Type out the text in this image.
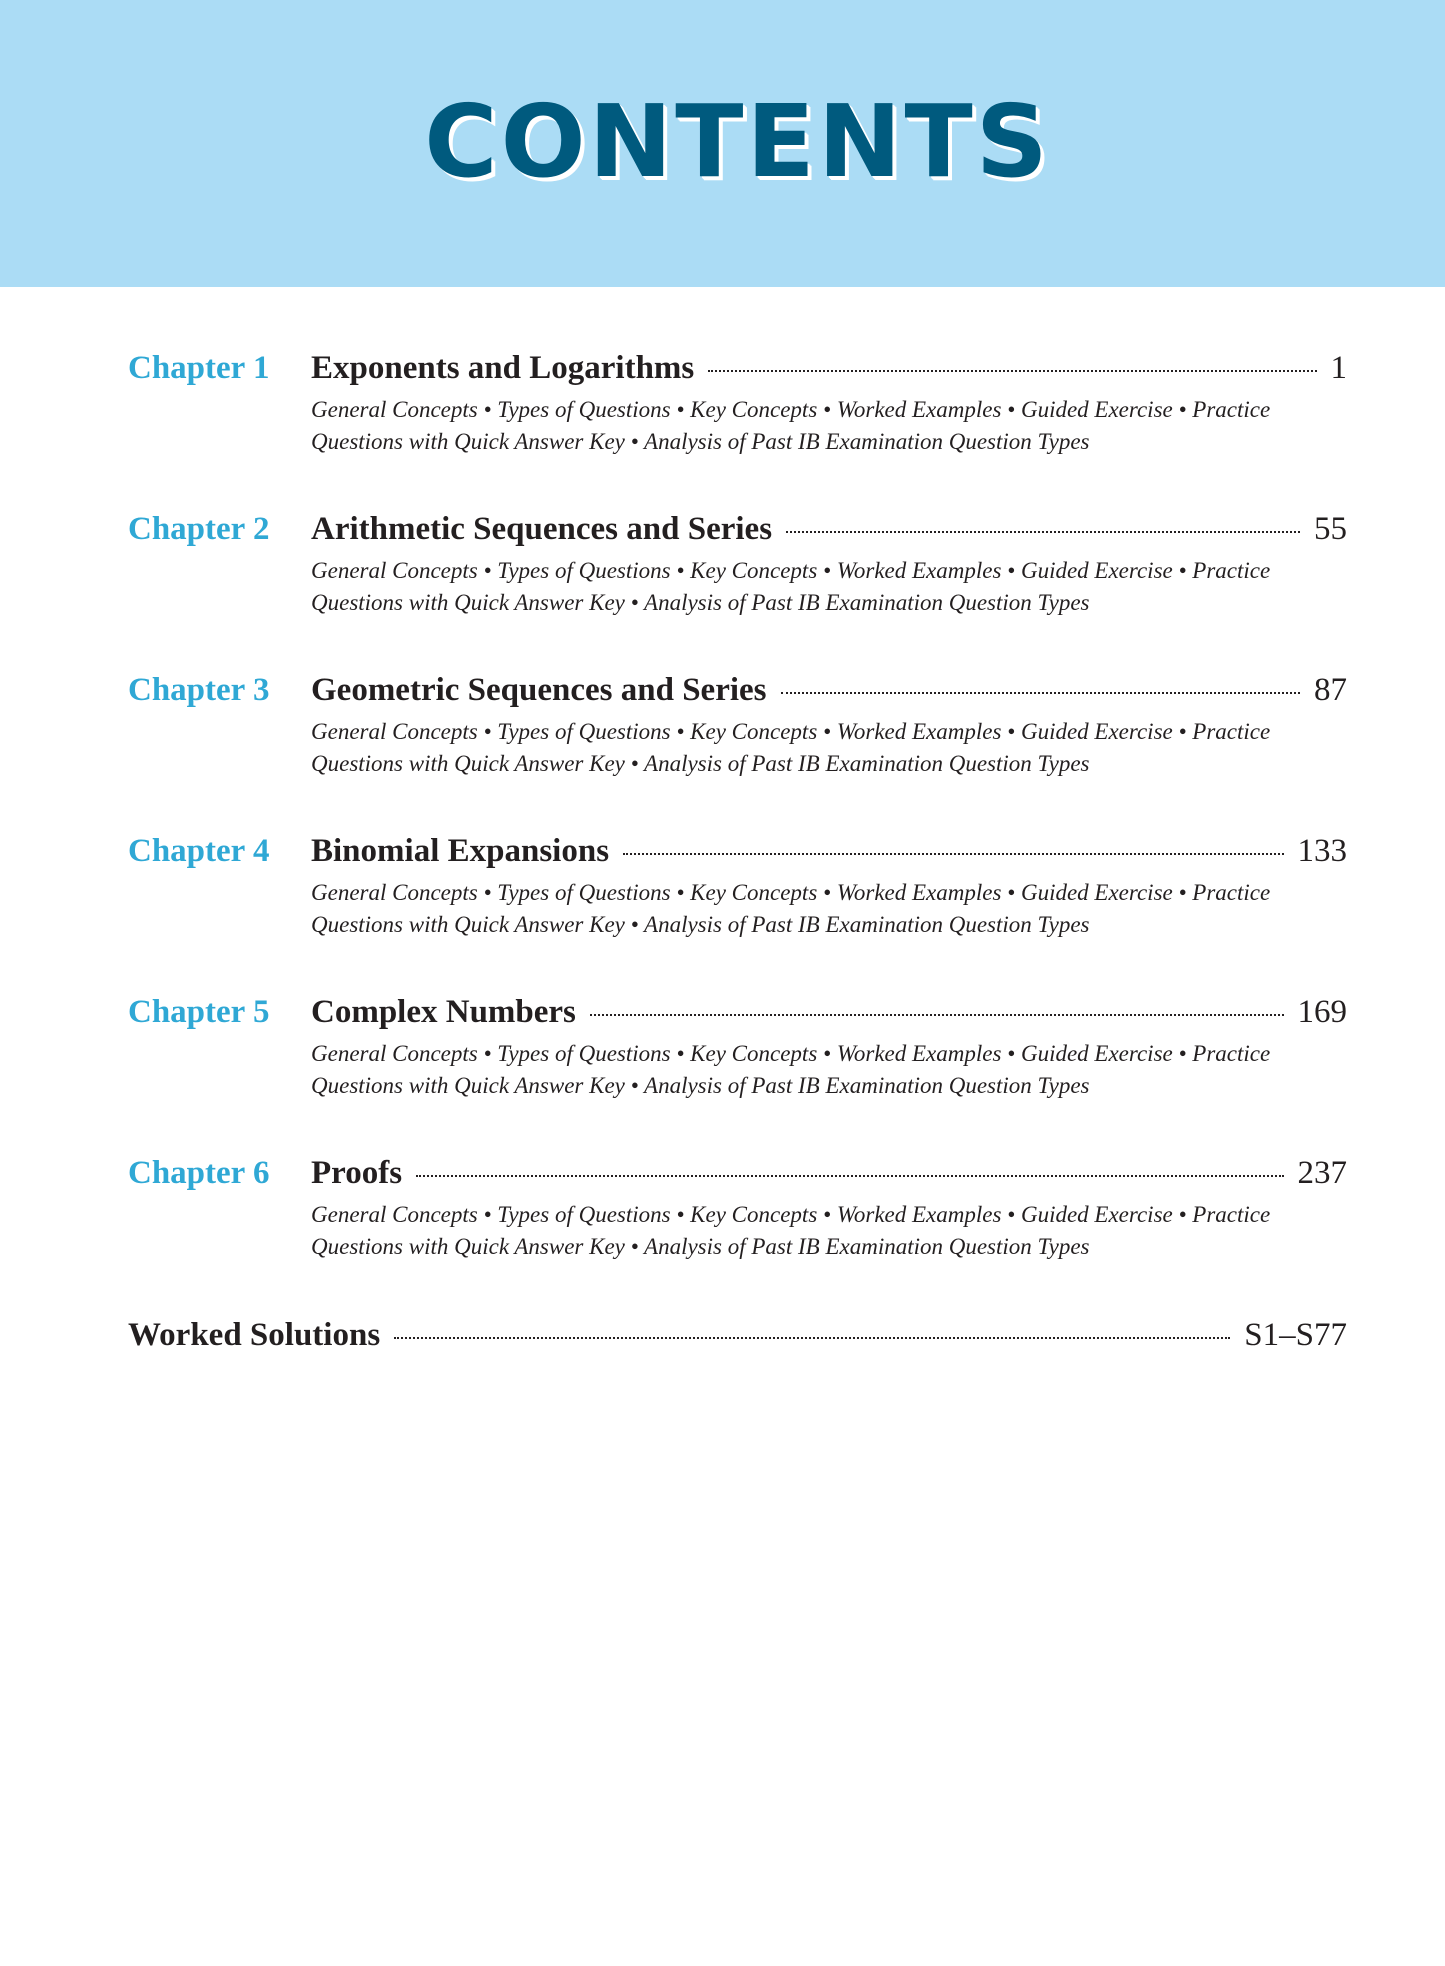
CONTENTS
Chapter 1 Exponents and Logarithms	1
General Concepts • Types of Questions • Key Concepts • Worked Examples • Guided Exercise • Practice
Questions with Quick Answer Key • Analysis of Past IB Examination Question Types
Chapter 2 Arithmetic Sequences and Series	55
General Concepts • Types of Questions • Key Concepts • Worked Examples • Guided Exercise • Practice
Questions with Quick Answer Key • Analysis of Past IB Examination Question Types
Chapter 3 Geometric Sequences and Series	87
General Concepts • Types of Questions • Key Concepts • Worked Examples • Guided Exercise • Practice
Questions with Quick Answer Key • Analysis of Past IB Examination Question Types
Chapter 4 Binomial Expansions	133
General Concepts • Types of Questions • Key Concepts • Worked Examples • Guided Exercise • Practice
Questions with Quick Answer Key • Analysis of Past IB Examination Question Types
Chapter 5 Complex Numbers	169
General Concepts • Types of Questions • Key Concepts • Worked Examples • Guided Exercise • Practice
Questions with Quick Answer Key • Analysis of Past IB Examination Question Types
Chapter 6 Proofs	237
General Concepts • Types of Questions • Key Concepts • Worked Examples • Guided Exercise • Practice
Questions with Quick Answer Key • Analysis of Past IB Examination Question Types
Worked Solutions	S1–S77
